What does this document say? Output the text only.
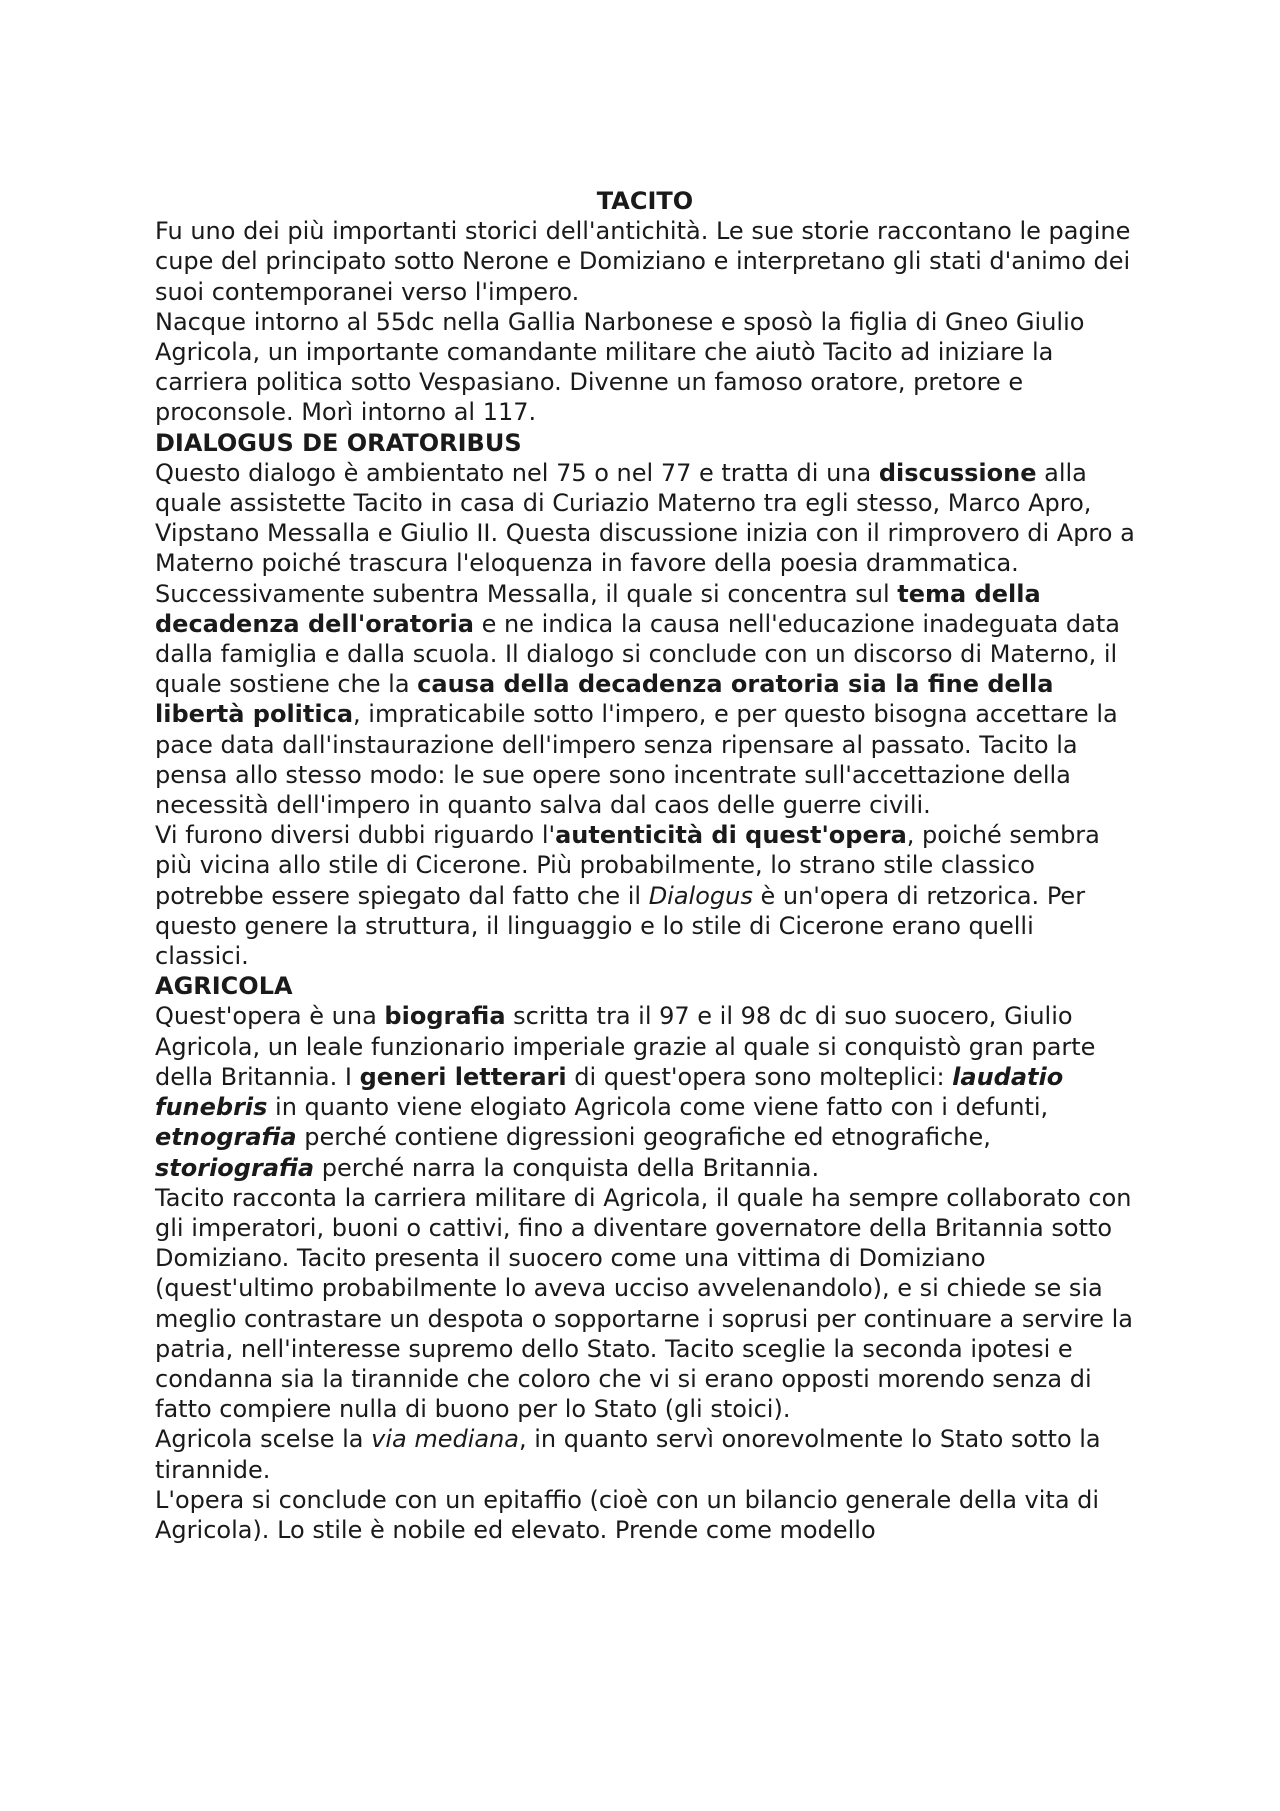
TACITO

Fu uno dei più importanti storici dell'antichità. Le sue storie raccontano le pagine cupe del principato sotto Nerone e Domiziano e interpretano gli stati d'animo dei suoi contemporanei verso l'impero.

Nacque intorno al 55dc nella Gallia Narbonese e sposò la figlia di Gneo Giulio Agricola, un importante comandante militare che aiutò Tacito ad iniziare la carriera politica sotto Vespasiano. Divenne un famoso oratore, pretore e proconsole. Morì intorno al 117.

DIALOGUS DE ORATORIBUS

Questo dialogo è ambientato nel 75 o nel 77 e tratta di una discussione alla quale assistette Tacito in casa di Curiazio Materno tra egli stesso, Marco Apro, Vipstano Messalla e Giulio II. Questa discussione inizia con il rimprovero di Apro a Materno poiché trascura l'eloquenza in favore della poesia drammatica. Successivamente subentra Messalla, il quale si concentra sul tema della decadenza dell'oratoria e ne indica la causa nell'educazione inadeguata data dalla famiglia e dalla scuola. Il dialogo si conclude con un discorso di Materno, il quale sostiene che la causa della decadenza oratoria sia la fine della libertà politica, impraticabile sotto l'impero, e per questo bisogna accettare la pace data dall'instaurazione dell'impero senza ripensare al passato. Tacito la pensa allo stesso modo: le sue opere sono incentrate sull'accettazione della necessità dell'impero in quanto salva dal caos delle guerre civili.

Vi furono diversi dubbi riguardo l'autenticità di quest'opera, poiché sembra più vicina allo stile di Cicerone. Più probabilmente, lo strano stile classico potrebbe essere spiegato dal fatto che il Dialogus è un'opera di retzorica. Per questo genere la struttura, il linguaggio e lo stile di Cicerone erano quelli classici.

AGRICOLA

Quest'opera è una biografia scritta tra il 97 e il 98 dc di suo suocero, Giulio Agricola, un leale funzionario imperiale grazie al quale si conquistò gran parte della Britannia. I generi letterari di quest'opera sono molteplici: laudatio funebris in quanto viene elogiato Agricola come viene fatto con i defunti, etnografia perché contiene digressioni geografiche ed etnografiche, storiografia perché narra la conquista della Britannia.

Tacito racconta la carriera militare di Agricola, il quale ha sempre collaborato con gli imperatori, buoni o cattivi, fino a diventare governatore della Britannia sotto Domiziano. Tacito presenta il suocero come una vittima di Domiziano (quest'ultimo probabilmente lo aveva ucciso avvelenandolo), e si chiede se sia meglio contrastare un despota o sopportarne i soprusi per continuare a servire la patria, nell'interesse supremo dello Stato. Tacito sceglie la seconda ipotesi e condanna sia la tirannide che coloro che vi si erano opposti morendo senza di fatto compiere nulla di buono per lo Stato (gli stoici).

Agricola scelse la via mediana, in quanto servì onorevolmente lo Stato sotto la tirannide.

L'opera si conclude con un epitaffio (cioè con un bilancio generale della vita di Agricola). Lo stile è nobile ed elevato. Prende come modello
